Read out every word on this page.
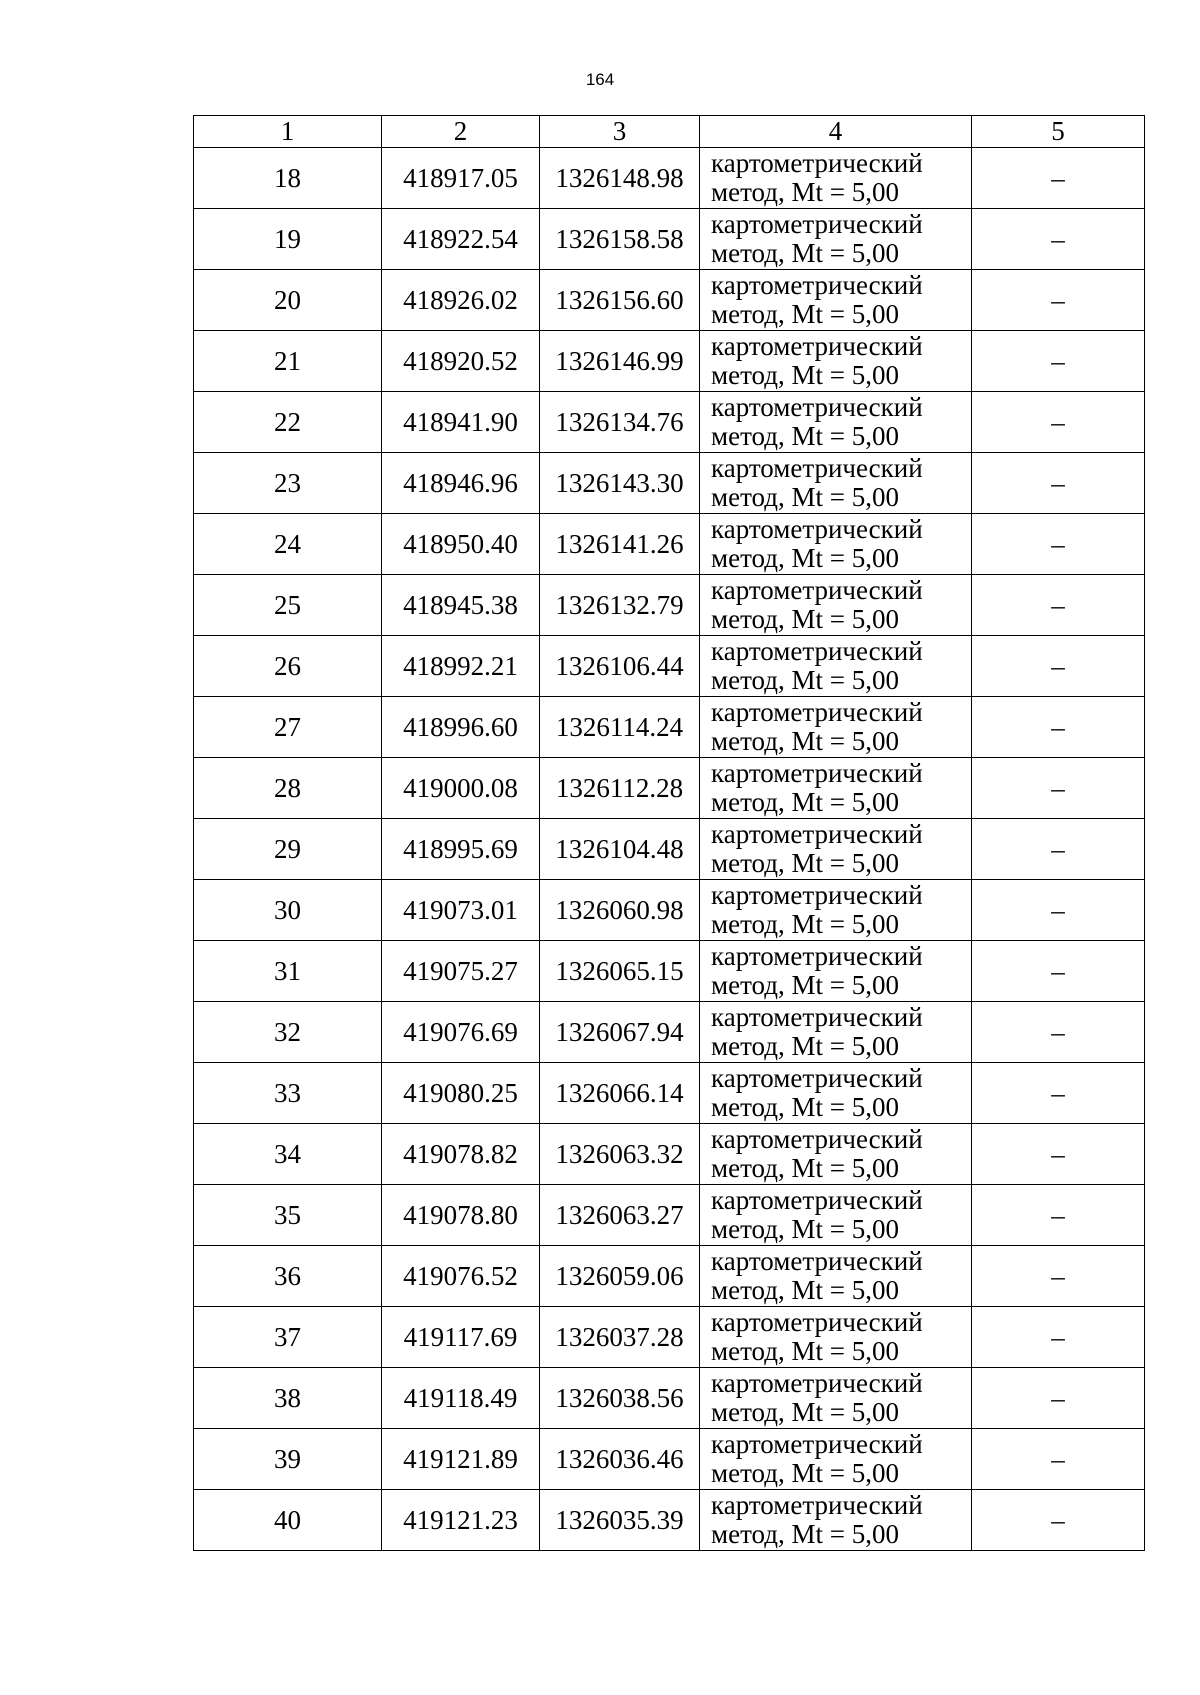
164
1	2	3	4	5
18	418917.05	1326148.98	картометрический
метод, Mt = 5,00	–
19	418922.54	1326158.58	картометрический
метод, Mt = 5,00	–
20	418926.02	1326156.60	картометрический
метод, Mt = 5,00	–
21	418920.52	1326146.99	картометрический
метод, Mt = 5,00	–
22	418941.90	1326134.76	картометрический
метод, Mt = 5,00	–
23	418946.96	1326143.30	картометрический
метод, Mt = 5,00	–
24	418950.40	1326141.26	картометрический
метод, Mt = 5,00	–
25	418945.38	1326132.79	картометрический
метод, Mt = 5,00	–
26	418992.21	1326106.44	картометрический
метод, Mt = 5,00	–
27	418996.60	1326114.24	картометрический
метод, Mt = 5,00	–
28	419000.08	1326112.28	картометрический
метод, Mt = 5,00	–
29	418995.69	1326104.48	картометрический
метод, Mt = 5,00	–
30	419073.01	1326060.98	картометрический
метод, Mt = 5,00	–
31	419075.27	1326065.15	картометрический
метод, Mt = 5,00	–
32	419076.69	1326067.94	картометрический
метод, Mt = 5,00	–
33	419080.25	1326066.14	картометрический
метод, Mt = 5,00	–
34	419078.82	1326063.32	картометрический
метод, Mt = 5,00	–
35	419078.80	1326063.27	картометрический
метод, Mt = 5,00	–
36	419076.52	1326059.06	картометрический
метод, Mt = 5,00	–
37	419117.69	1326037.28	картометрический
метод, Mt = 5,00	–
38	419118.49	1326038.56	картометрический
метод, Mt = 5,00	–
39	419121.89	1326036.46	картометрический
метод, Mt = 5,00	–
40	419121.23	1326035.39	картометрический
метод, Mt = 5,00	–
